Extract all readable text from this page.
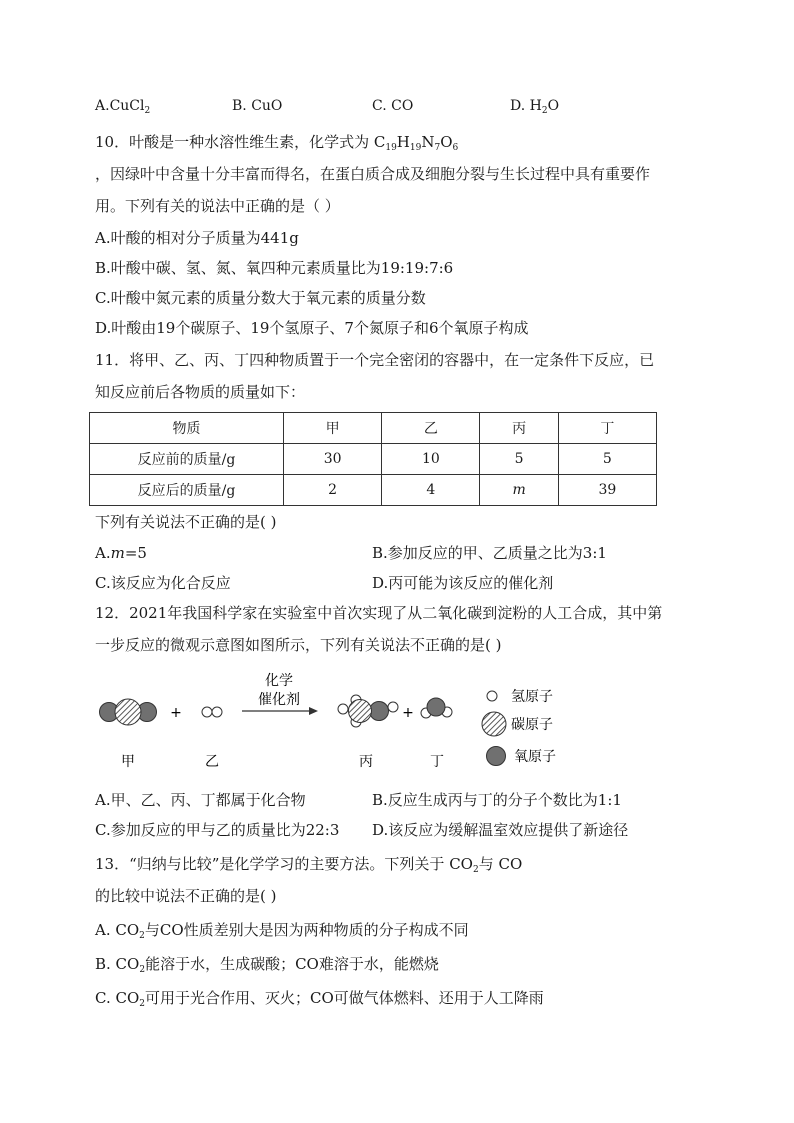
A.CuCl$_2$	B. CuO	C. CO	D. $H_2O$
10．叶酸是一种水溶性维生素，化学式为 $C_{19}H_{19}N_7O_6$
，因绿叶中含量十分丰富而得名，在蛋白质合成及细胞分裂与生长过程中具有重要作
用。下列有关的说法中正确的是（ ）
A.叶酸的相对分子质量为441g
B.叶酸中碳、氢、氮、氧四种元素质量比为19:19:7:6
C.叶酸中氮元素的质量分数大于氧元素的质量分数
D.叶酸由19个碳原子、19个氢原子、7个氮原子和6个氧原子构成
11．将甲、乙、丙、丁四种物质置于一个完全密闭的容器中，在一定条件下反应，已
知反应前后各物质的质量如下：
物质	甲	乙	丙	丁
反应前的质量/g	30	10	5	5
反应后的质量/g	2	4	m	39
下列有关说法不正确的是( )
A.m=5	B.参加反应的甲、乙质量之比为3:1
C.该反应为化合反应	D.丙可能为该反应的催化剂
12．2021年我国科学家在实验室中首次实现了从二氧化碳到淀粉的人工合成，其中第
一步反应的微观示意图如图所示，下列有关说法不正确的是( )
+
化学
催化剂
+
甲	乙	丙	丁
氢原子
碳原子
氧原子
A.甲、乙、丙、丁都属于化合物	B.反应生成丙与丁的分子个数比为1:1
C.参加反应的甲与乙的质量比为22:3 D.该反应为缓解温室效应提供了新途径
13．“归纳与比较”是化学学习的主要方法。下列关于 $CO_2$与 CO
的比较中说法不正确的是( )
A. $CO_2$与CO性质差别大是因为两种物质的分子构成不同
B. $CO_2$能溶于水，生成碳酸；CO难溶于水，能燃烧
C. $CO_2$可用于光合作用、灭火；CO可做气体燃料、还用于人工降雨
